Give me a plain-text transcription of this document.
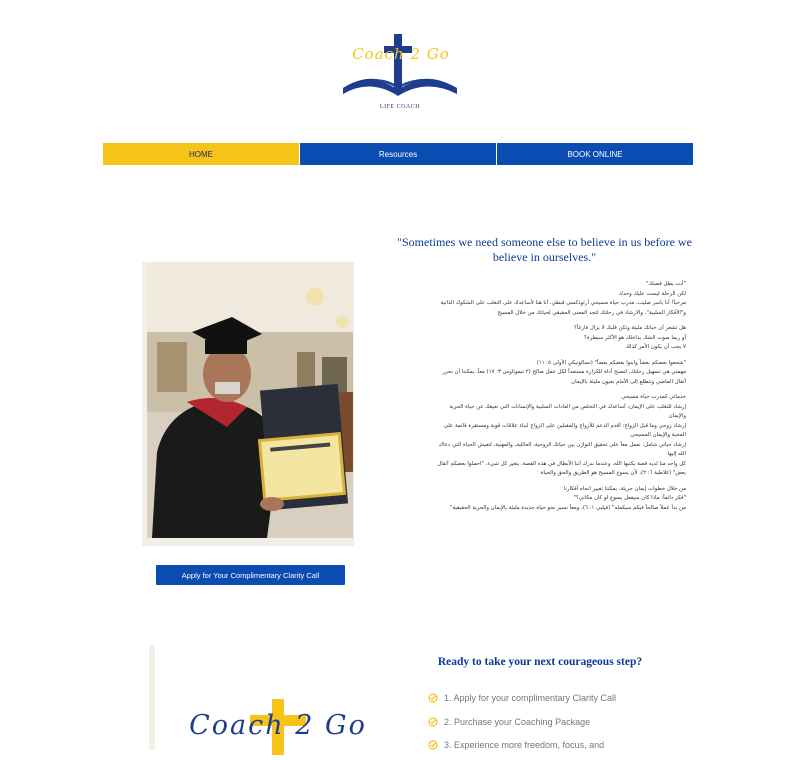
Coach 2 Go
LIFE COACH
HOME	Resources	BOOK ONLINE
Apply for Your Complimentary Clarity Call
"Sometimes we need someone else to believe in us before we believe in ourselves."

"أنت بطل قصتك"
لكن الرحلة ليست عليك وحدك
مرحباً! أنا ياسر صليب، مدرب حياة مسيحي أرثوذكسي قبطي. أنا هنا لأساعدك على التغلب على الشكوك الذاتية
و"الأفكار السلبية"، والارشاد في رحلتك لتجد المعنى الحقيقي لحياتك من خلال المسيح

هل تشعر أن حياتك مليئة وتكن قلبك لا يزال فارغاً؟
أو ربما صوت الشك بداخلك هو الأكثر سيطرة؟
لا يجب أن يكون الأمر كذلك

"شجعوا بعضكم بعضاً وابنوا بعضكم بعضاً" (تسالونيكي الأولى ٥: ١١)
مهمتي هي تسهيل رحلتك، لتصبح أداة للكرازة مستعداً لكل عمل صالح (٢ تيموثاوس ٣: ١٧) معاً، يمكننا أن نحرر
أثقال الماضي ونتطلع إلى الأمام بعيون مليئة بالإيمان

خدماتي كمدرب حياة مسيحي
إرشاد للتغلب على الإيمان: أساعدك في التخلص من العادات السلبية والإنسانات التي تعيقك عن حياة الحرية
والإيمان
إرشاد زوجي وما قبل الزواج: أقدم الدعم للأزواج والمقبلين على الزواج لبناء علاقات قوية ومستقرة قائمة على
المحبة والإيمان المسيحي
إرشاد حياتي شامل: نعمل معاً على تحقيق التوازن بين حياتك الروحية، العائلية، والمهنية، لتعيش الحياة التي دعاك
الله إليها
كل واحد منا لديه قصة يكتبها الله، وعندما ندرك أننا الأبطال في هذه القصة، يتغير كل شيء. "احملوا بعضكم أثقال
بعض" (غلاطية ٦: ٢)، لأن يسوع المسيح هو الطريق والحق والحياة

من خلال خطوات إيمان جريئة، يمكننا تغيير اتجاه أفكارنا
"فكر دائماً: ماذا كان سيفعل يسوع لو كان مكاني؟"
من بدأ عملاً صالحاً فيكم سيكمله" (فيلبي ١: ٦)، ومعاً نسير نحو حياة جديدة مليئة بالإيمان والحرية الحقيقية"

Coach 2 Go
Ready to take your next courageous step?
1. Apply for your complimentary Clarity Call
2. Purchase your Coaching Package
3. Experience more freedom, focus, and
